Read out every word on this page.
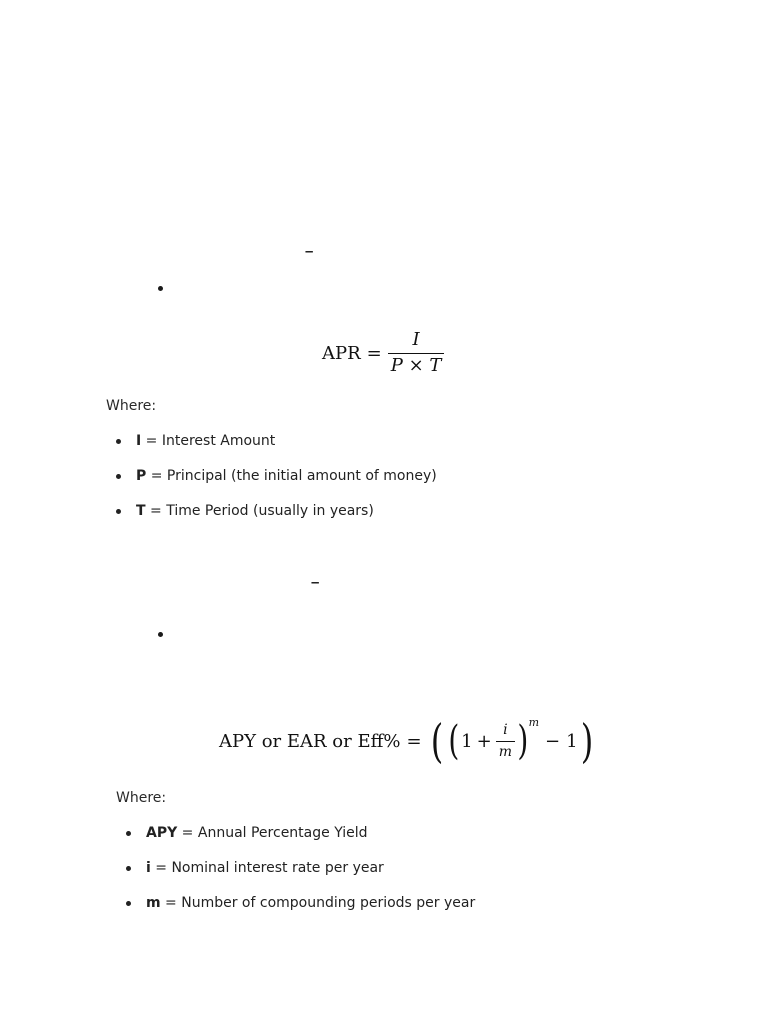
–
APR = $\frac{I}{P \times T}$
Where:
I = Interest Amount
P = Principal (the initial amount of money)
T = Time Period (usually in years)
–
APY or EAR or Eff% = ( ( $1 + \frac{i}{m}$ ) m
− 1 )
Where:
APY = Annual Percentage Yield
i = Nominal interest rate per year
m = Number of compounding periods per year
